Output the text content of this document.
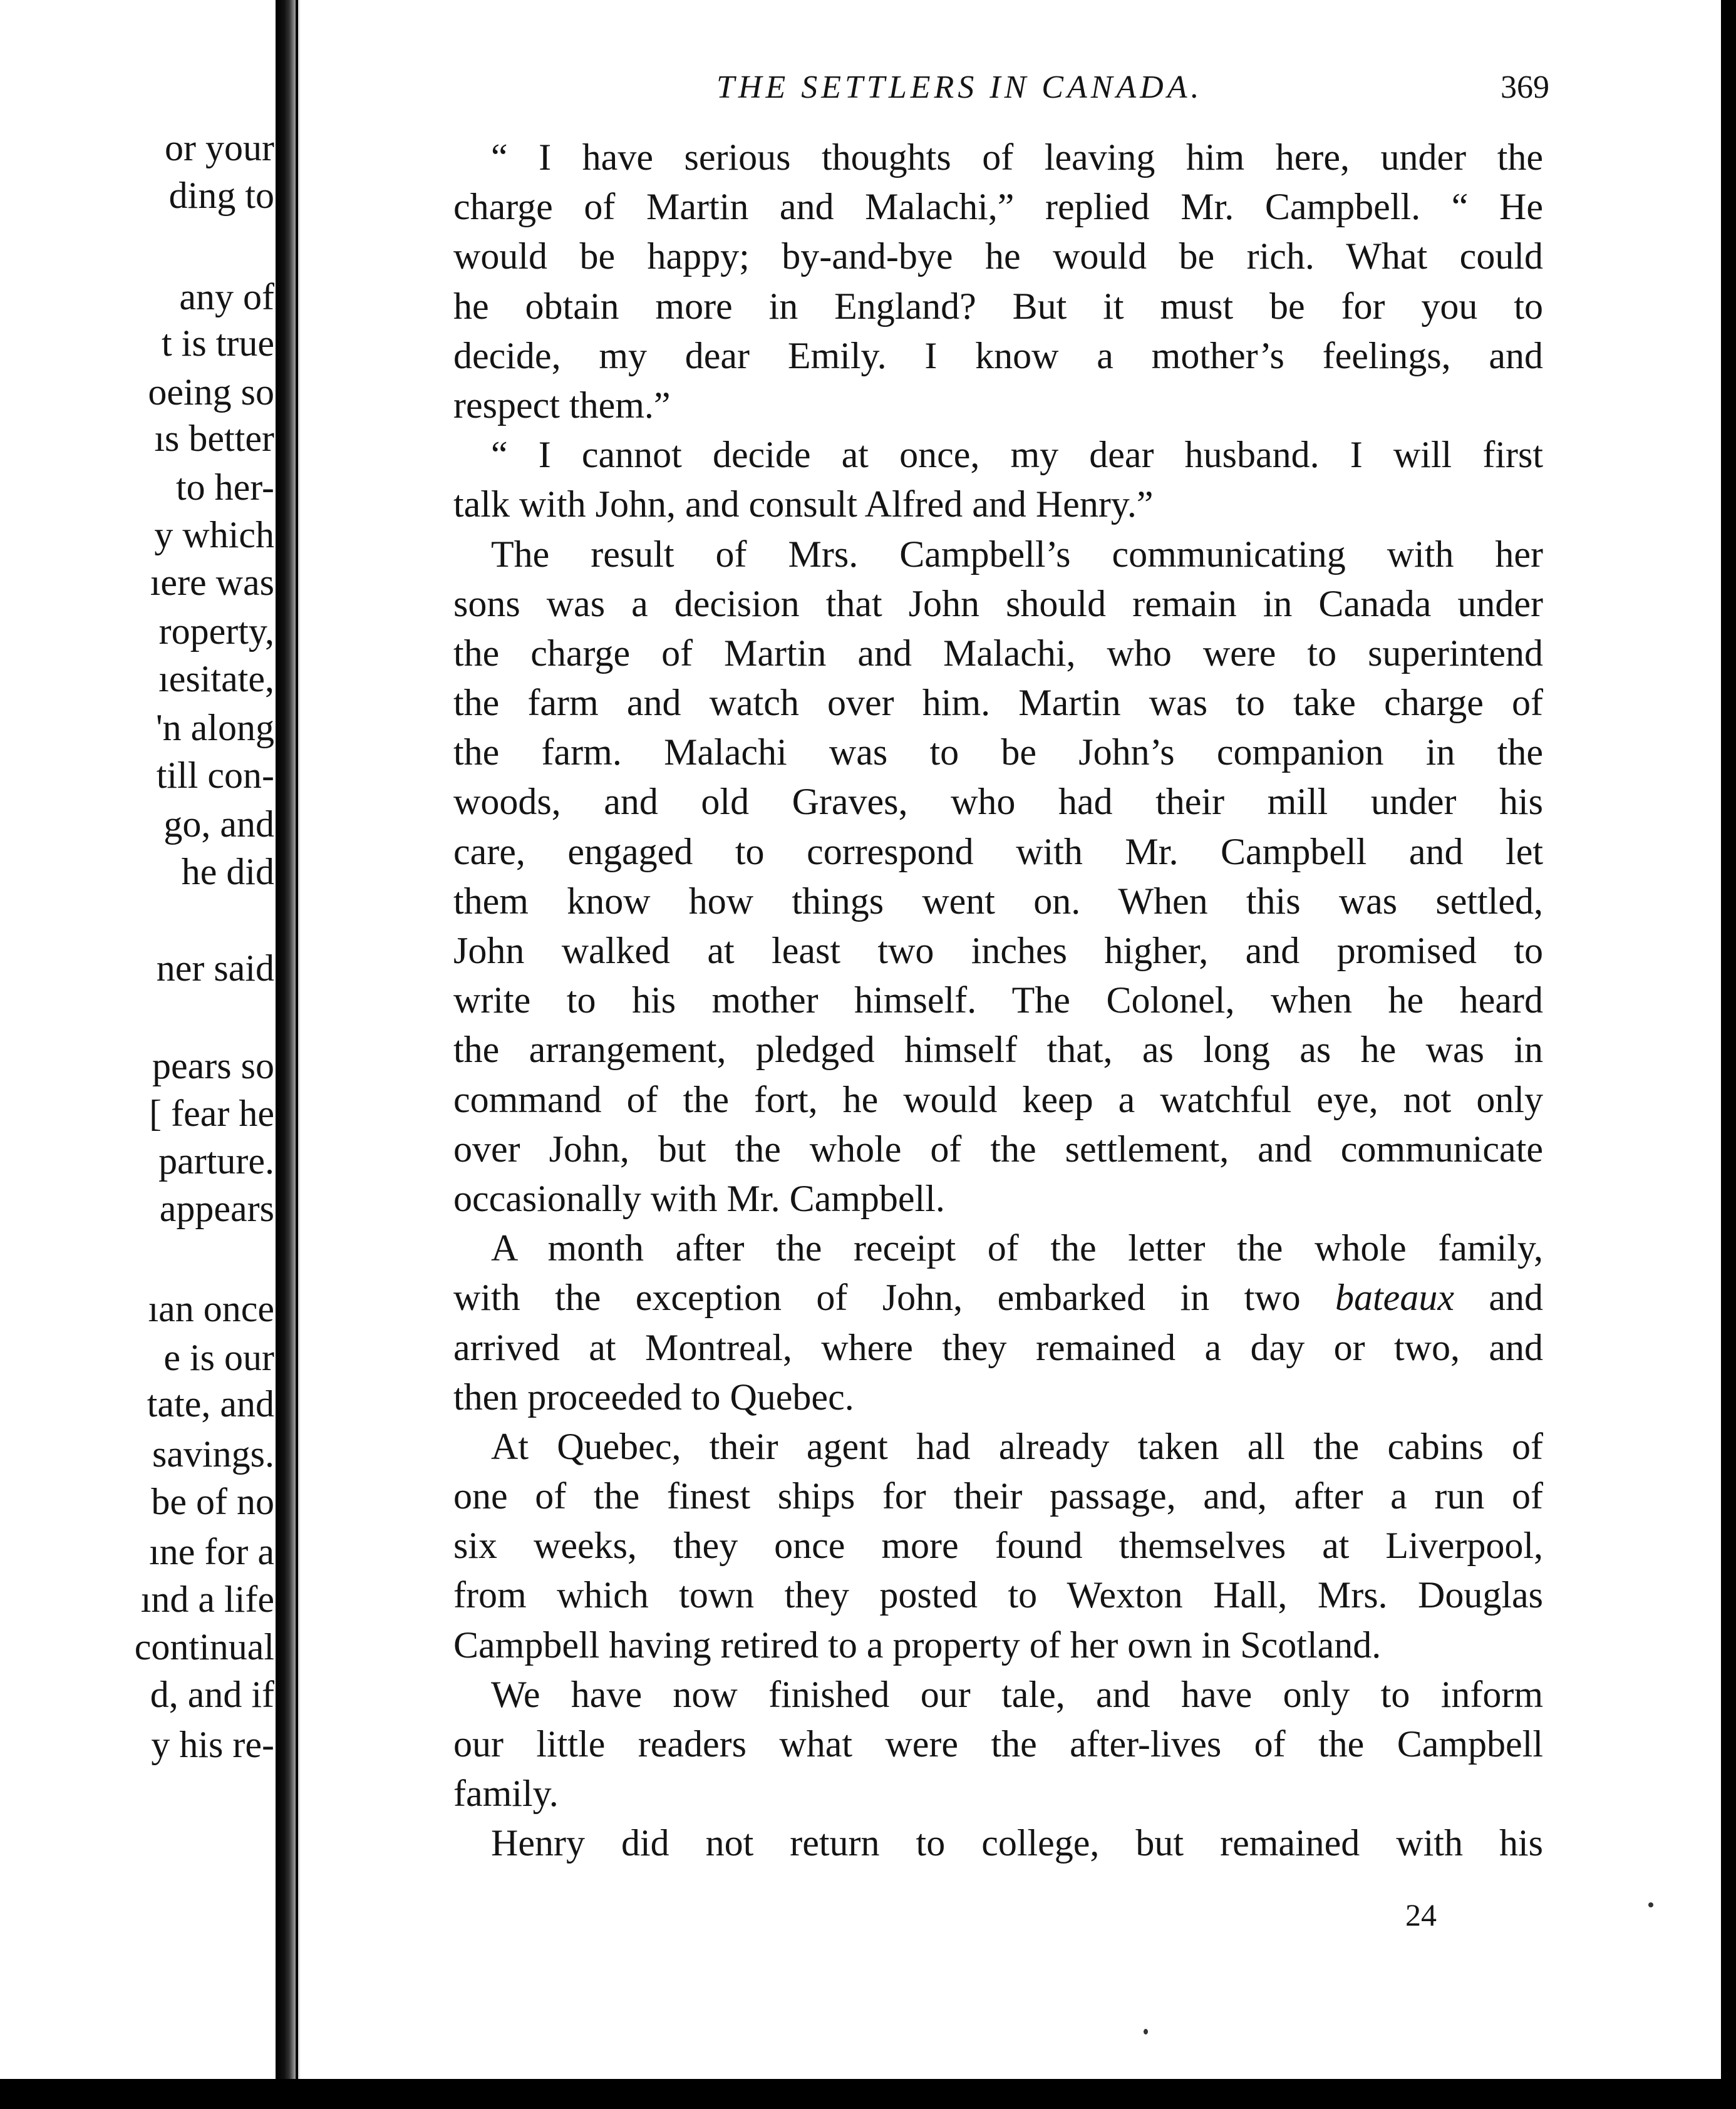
or your
ding to
any of
t is true
oeing so
ıs better
to her-
y which
ıere was
roperty,
ıesitate,
'n along
till con-
go, and
he did
ner said
pears so
[ fear he
parture.
appears
ıan once
e is our
tate, and
savings.
be of no
ıne for a
ınd a life
continual
d, and if
y his re-
THE SETTLERS IN CANADA.	369
“ I have serious thoughts of leaving him here, under the
charge of Martin and Malachi,” replied Mr. Campbell. “ He
would be happy; by-and-bye he would be rich. What could
he obtain more in England? But it must be for you to
decide, my dear Emily. I know a mother’s feelings, and
respect them.”
“ I cannot decide at once, my dear husband. I will first
talk with John, and consult Alfred and Henry.”
The result of Mrs. Campbell’s communicating with her
sons was a decision that John should remain in Canada under
the charge of Martin and Malachi, who were to superintend
the farm and watch over him. Martin was to take charge of
the farm. Malachi was to be John’s companion in the
woods, and old Graves, who had their mill under his
care, engaged to correspond with Mr. Campbell and let
them know how things went on. When this was settled,
John walked at least two inches higher, and promised to
write to his mother himself. The Colonel, when he heard
the arrangement, pledged himself that, as long as he was in
command of the fort, he would keep a watchful eye, not only
over John, but the whole of the settlement, and communicate
occasionally with Mr. Campbell.
A month after the receipt of the letter the whole family,
with the exception of John, embarked in two bateaux and
arrived at Montreal, where they remained a day or two, and
then proceeded to Quebec.
At Quebec, their agent had already taken all the cabins of
one of the finest ships for their passage, and, after a run of
six weeks, they once more found themselves at Liverpool,
from which town they posted to Wexton Hall, Mrs. Douglas
Campbell having retired to a property of her own in Scotland.
We have now finished our tale, and have only to inform
our little readers what were the after-lives of the Campbell
family.
Henry did not return to college, but remained with his
24
